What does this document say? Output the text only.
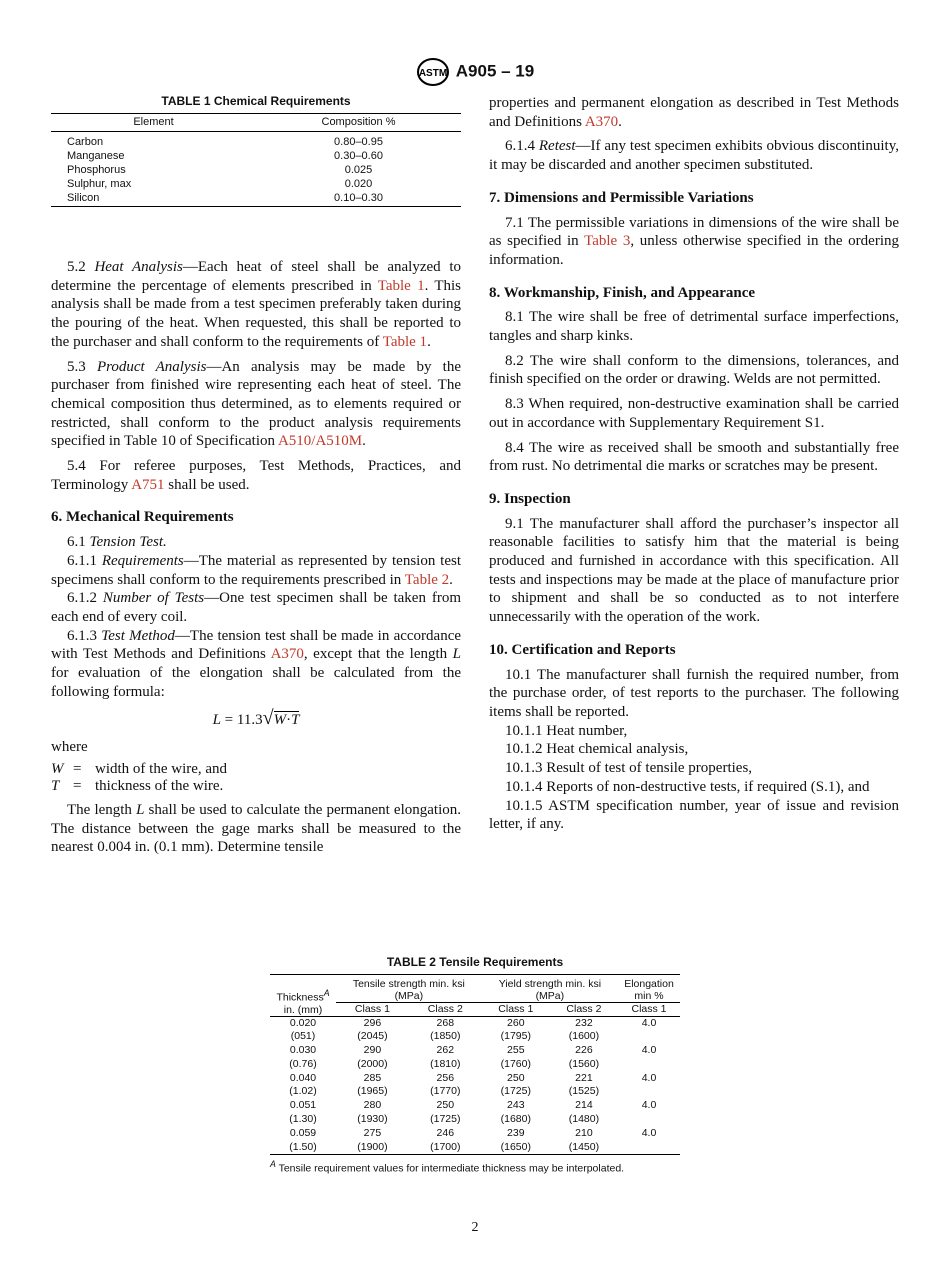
ASTM A905 – 19
TABLE 1 Chemical Requirements
Element	Composition %
Carbon	0.80–0.95
Manganese	0.30–0.60
Phosphorus	0.025
Sulphur, max	0.020
Silicon	0.10–0.30

5.2 Heat Analysis—Each heat of steel shall be analyzed to determine the percentage of elements prescribed in Table 1. This analysis shall be made from a test specimen preferably taken during the pouring of the heat. When requested, this shall be reported to the purchaser and shall conform to the requirements of Table 1.

5.3 Product Analysis—An analysis may be made by the purchaser from finished wire representing each heat of steel. The chemical composition thus determined, as to elements required or restricted, shall conform to the product analysis requirements specified in Table 10 of Specification A510/A510M.

5.4 For referee purposes, Test Methods, Practices, and Terminology A751 shall be used.

6. Mechanical Requirements

6.1 Tension Test.

6.1.1 Requirements—The material as represented by tension test specimens shall conform to the requirements prescribed in Table 2.

6.1.2 Number of Tests—One test specimen shall be taken from each end of every coil.

6.1.3 Test Method—The tension test shall be made in accordance with Test Methods and Definitions A370, except that the length L for evaluation of the elongation shall be calculated from the following formula:

L = 11.3√W·T

where

W	=	width of the wire, and
T	=	thickness of the wire.

The length L shall be used to calculate the permanent elongation. The distance between the gage marks shall be measured to the nearest 0.004 in. (0.1 mm). Determine tensile

properties and permanent elongation as described in Test Methods and Definitions A370.

6.1.4 Retest—If any test specimen exhibits obvious discontinuity, it may be discarded and another specimen substituted.

7. Dimensions and Permissible Variations

7.1 The permissible variations in dimensions of the wire shall be as specified in Table 3, unless otherwise specified in the ordering information.

8. Workmanship, Finish, and Appearance

8.1 The wire shall be free of detrimental surface imperfections, tangles and sharp kinks.

8.2 The wire shall conform to the dimensions, tolerances, and finish specified on the order or drawing. Welds are not permitted.

8.3 When required, non-destructive examination shall be carried out in accordance with Supplementary Requirement S1.

8.4 The wire as received shall be smooth and substantially free from rust. No detrimental die marks or scratches may be present.

9. Inspection

9.1 The manufacturer shall afford the purchaser’s inspector all reasonable facilities to satisfy him that the material is being produced and furnished in accordance with this specification. All tests and inspections may be made at the place of manufacture prior to shipment and shall be so conducted as to not interfere unnecessarily with the operation of the work.

10. Certification and Reports

10.1 The manufacturer shall furnish the required number, from the purchase order, of test reports to the purchaser. The following items shall be reported.

10.1.1 Heat number,

10.1.2 Heat chemical analysis,

10.1.3 Result of test of tensile properties,

10.1.4 Reports of non-destructive tests, if required (S.1), and

10.1.5 ASTM specification number, year of issue and revision letter, if any.

TABLE 2 Tensile Requirements
Thickness$^A$
in. (mm)	Tensile strength min. ksi (MPa)		Yield strength min. ksi (MPa)		Elongation min %
	Class 1	Class 2	Class 1	Class 2	Class 1
0.020	296	268	260	232	4.0
(051)	(2045)	(1850)	(1795)	(1600)	
0.030	290	262	255	226	4.0
(0.76)	(2000)	(1810)	(1760)	(1560)	
0.040	285	256	250	221	4.0
(1.02)	(1965)	(1770)	(1725)	(1525)	
0.051	280	250	243	214	4.0
(1.30)	(1930)	(1725)	(1680)	(1480)	
0.059	275	246	239	210	4.0
(1.50)	(1900)	(1700)	(1650)	(1450)	
$^A$ Tensile requirement values for intermediate thickness may be interpolated.
2
